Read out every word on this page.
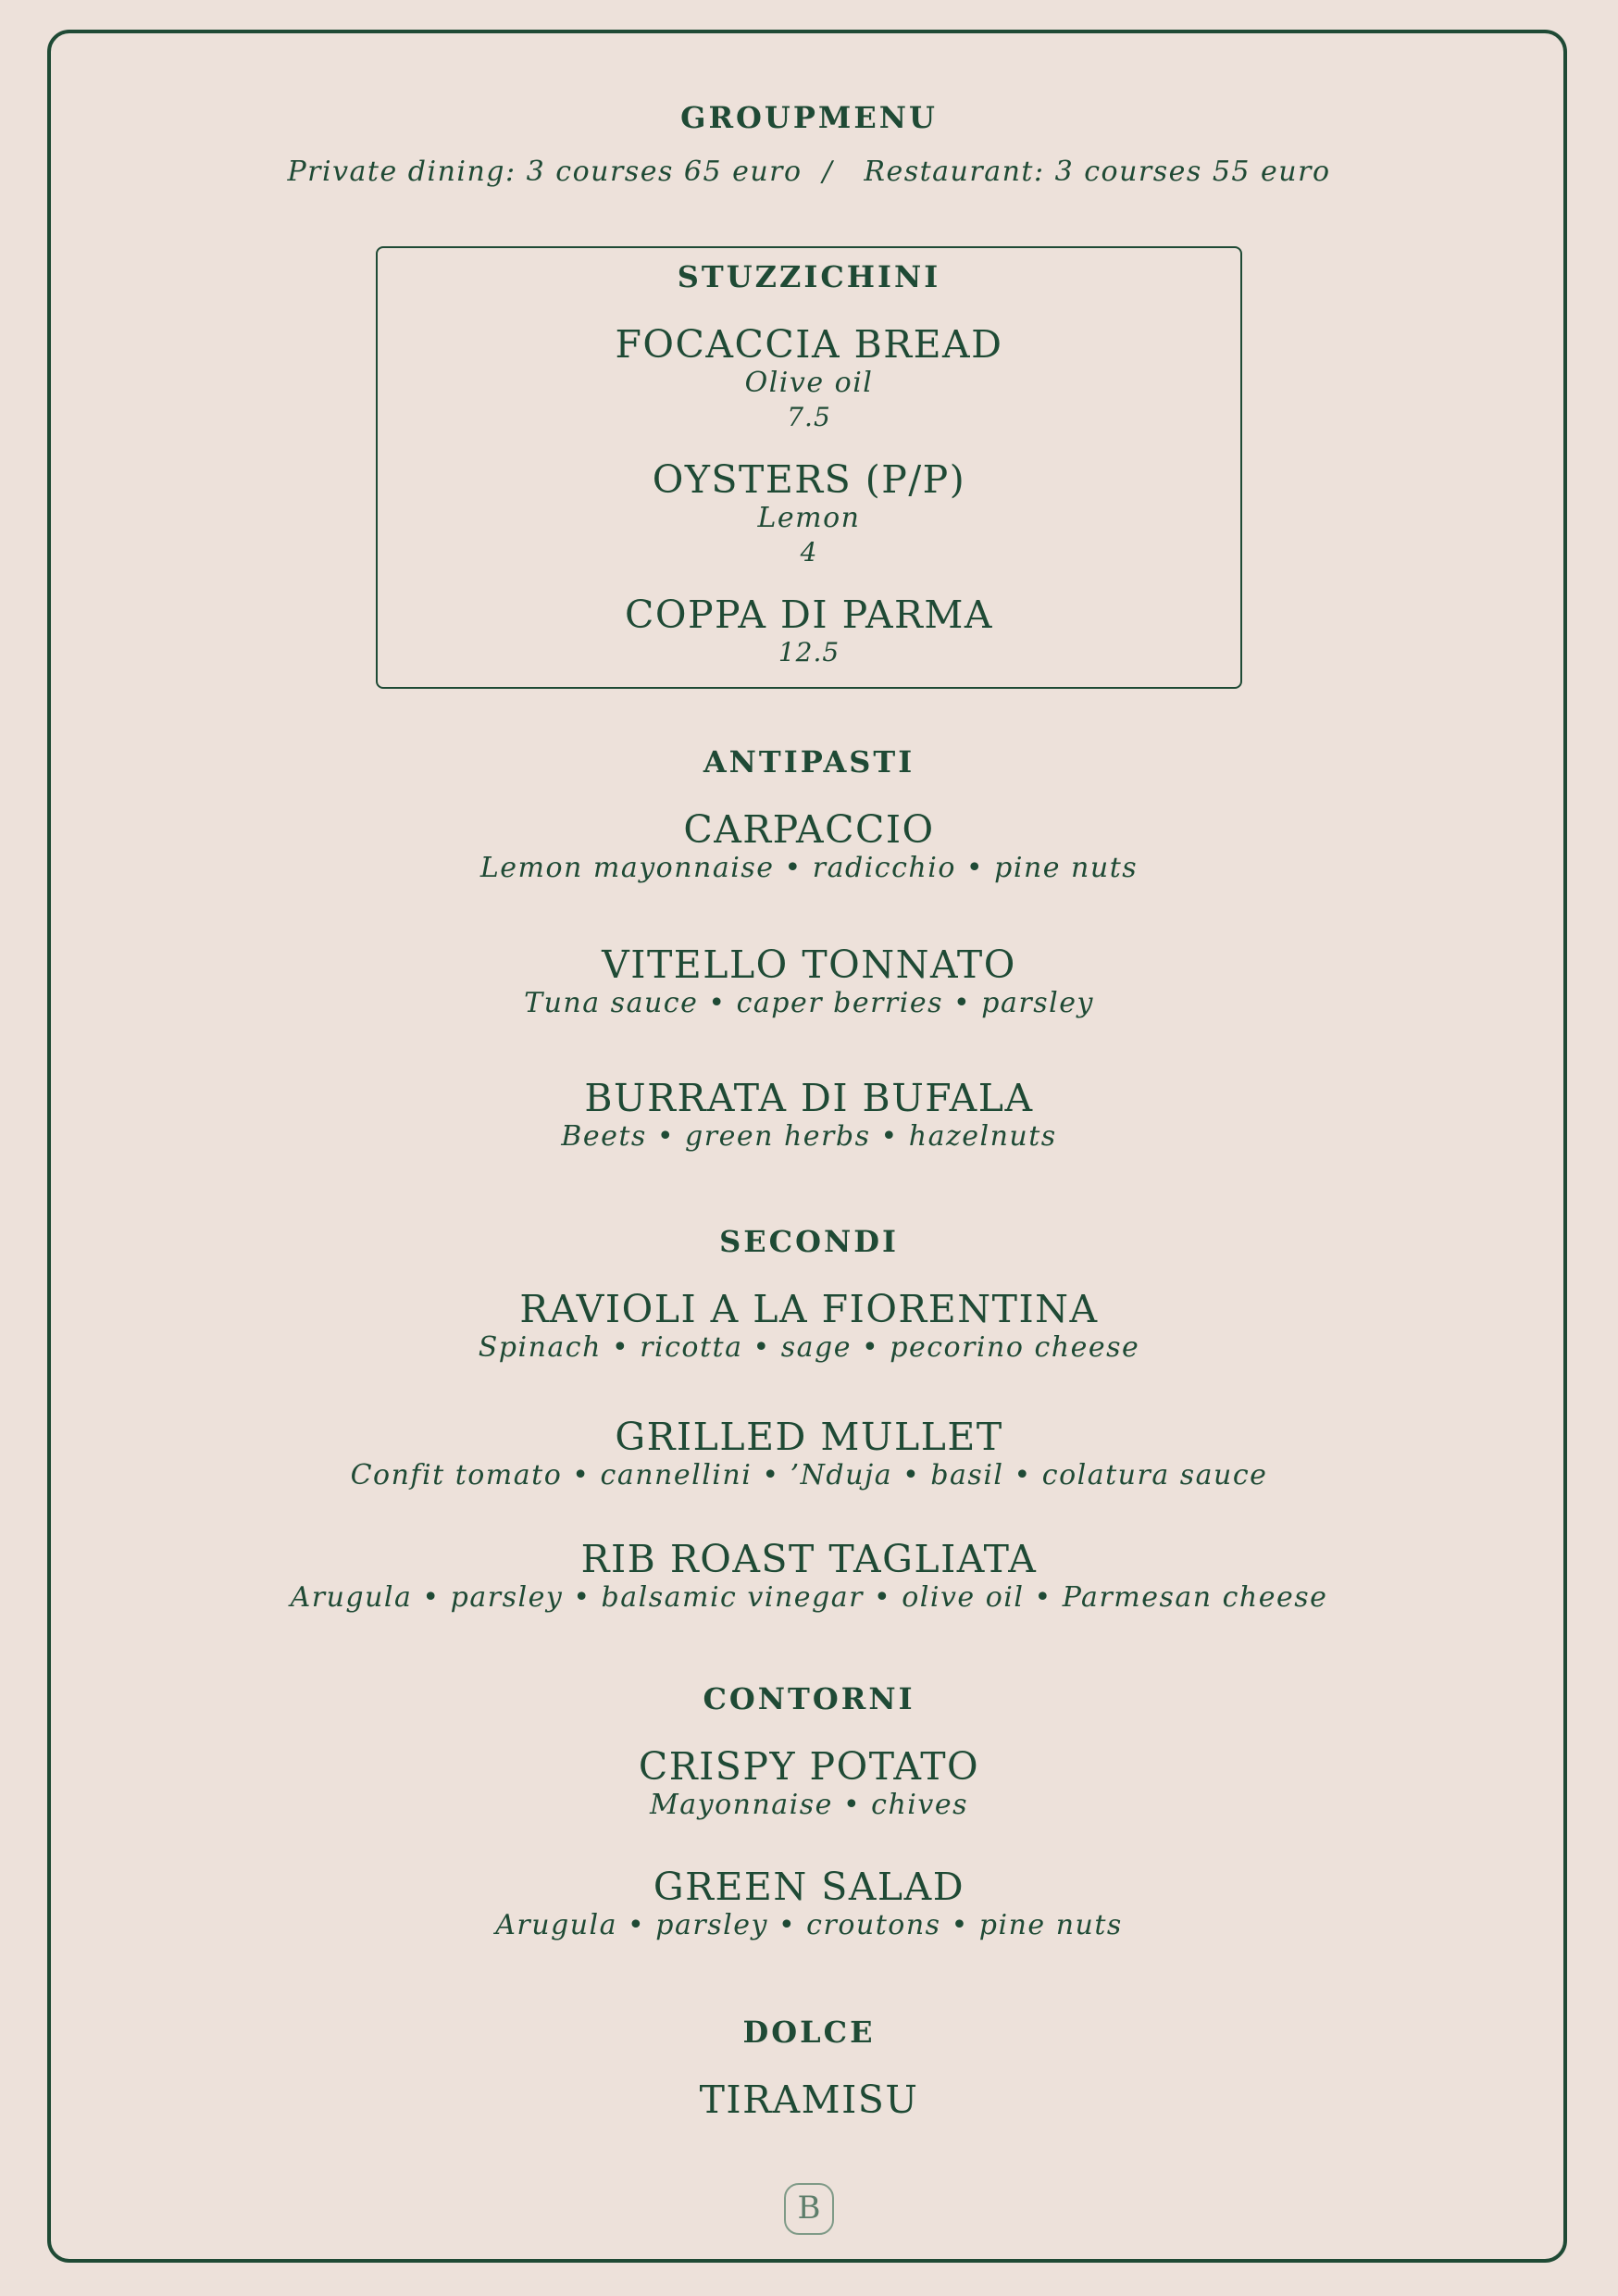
GROUPMENU
Private dining: 3 courses 65 euro  /   Restaurant: 3 courses 55 euro
STUZZICHINI
FOCACCIA BREAD
Olive oil
7.5
OYSTERS (P/P)
Lemon
4
COPPA DI PARMA
12.5
ANTIPASTI
CARPACCIO
Lemon mayonnaise • radicchio • pine nuts
VITELLO TONNATO
Tuna sauce • caper berries • parsley
BURRATA DI BUFALA
Beets • green herbs • hazelnuts
SECONDI
RAVIOLI A LA FIORENTINA
Spinach • ricotta • sage • pecorino cheese
GRILLED MULLET
Confit tomato • cannellini • ’Nduja • basil • colatura sauce
RIB ROAST TAGLIATA
Arugula • parsley • balsamic vinegar • olive oil • Parmesan cheese
CONTORNI
CRISPY POTATO
Mayonnaise • chives
GREEN SALAD
Arugula • parsley • croutons • pine nuts
DOLCE
TIRAMISU
B
